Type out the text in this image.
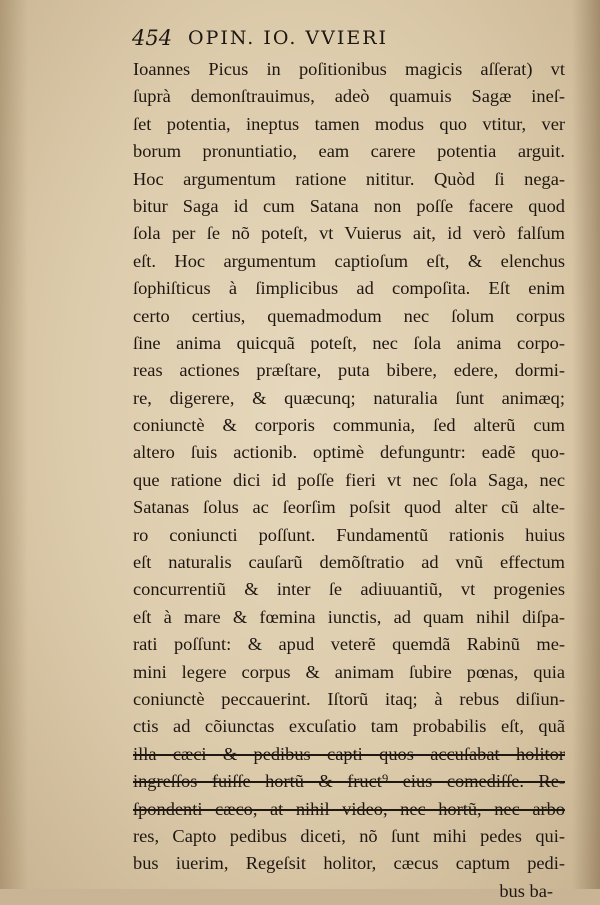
454 OPIN. IO. VVIERI
Ioannes Picus in poſitionibus magicis aſſerat) vt
ſuprà demonſtrauimus, adeò quamuis Sagæ ineſ-
ſet potentia, ineptus tamen modus quo vtitur, ver
borum pronuntiatio, eam carere potentia arguit.
Hoc argumentum ratione nititur. Quòd ſi nega-
bitur Saga id cum Satana non poſſe facere quod
ſola per ſe nõ poteſt, vt Vuierus ait, id verò falſum
eſt. Hoc argumentum captioſum eſt, & elenchus
ſophiſticus à ſimplicibus ad compoſita. Eſt enim
certo certius, quemadmodum nec ſolum corpus
ſine anima quicquã poteſt, nec ſola anima corpo-
reas actiones præſtare, puta bibere, edere, dormi-
re, digerere, & quæcunq; naturalia ſunt animæq;
coniunctè & corporis communia, ſed alterũ cum
altero ſuis actionib. optimè defunguntr: eadẽ quo-
que ratione dici id poſſe fieri vt nec ſola Saga, nec
Satanas ſolus ac ſeorſim poſsit quod alter cũ alte-
ro coniuncti poſſunt. Fundamentũ rationis huius
eſt naturalis cauſarũ demõſtratio ad vnũ effectum
concurrentiũ & inter ſe adiuuantiũ, vt progenies
eſt à mare & fœmina iunctis, ad quam nihil diſpa-
rati poſſunt: & apud veterẽ quemdã Rabinũ me-
mini legere corpus & animam ſubire pœnas, quia
coniunctè peccauerint. Iſtorũ itaq; à rebus diſiun-
ctis ad cõiunctas excuſatio tam probabilis eſt, quã
illa cæci & pedibus capti quos accuſabat holitor
ingreſſos fuiſſe hortũ & fruct⁹ eius comediſſe. Re-
ſpondenti cæco, at nihil video, nec hortũ, nec arbo
res, Capto pedibus diceti, nõ ſunt mihi pedes qui-
bus iuerim, Regeſsit holitor, cæcus captum pedi-
bus ba-
